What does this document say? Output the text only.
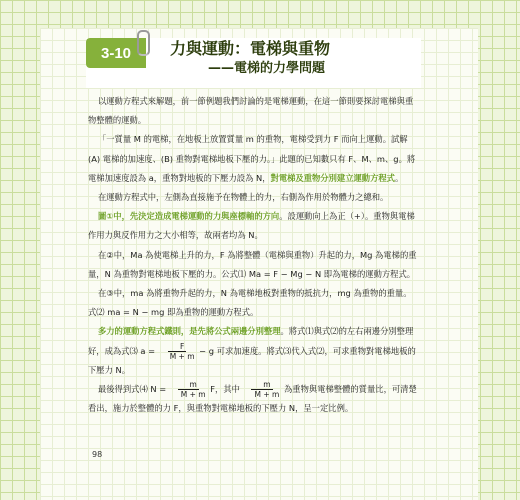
3-10	力與運動：電梯與重物
——電梯的力學問題

以運動方程式來解題，前一節例題我們討論的是電梯運動，在這一節則要探討電梯與重物整體的運動。

「一質量 M 的電梯，在地板上放置質量 m 的重物，電梯受到力 F 而向上運動。試解 (A) 電梯的加速度、(B) 重物對電梯地板下壓的力。」此題的已知數只有 F、M、m、g。將電梯加速度設為 a，重物對地板的下壓力設為 N，對電梯及重物分別建立運動方程式。

在運動方程式中，左側為直接施予在物體上的力，右側為作用於物體力之總和。

圖①中，先決定造成電梯運動的力與座標軸的方向。設運動向上為正（+）。重物與電梯作用力與反作用力之大小相等，故兩者均為 N。

在②中，Ma 為使電梯上升的力，F 為將整體（電梯與重物）升起的力，Mg 為電梯的重量，N 為重物對電梯地板下壓的力。公式⑴ Ma = F − Mg − N 即為電梯的運動方程式。

在③中，ma 為將重物升起的力，N 為電梯地板對重物的抵抗力，mg 為重物的重量。式⑵ ma = N − mg 即為重物的運動方程式。

多力的運動方程式鐵則，是先將公式兩邊分別整理。將式⑴與式⑵的左右兩邊分別整理好，成為式⑶ $a = \frac{F}{M + m} - g$ 可求加速度。將式⑶代入式⑵，可求重物對電梯地板的下壓力 N。

最後得到式⑷ $N = \frac{m}{M + m}$ F，其中 $\frac{m}{M + m}$ 為重物與電梯整體的質量比，可清楚看出，施力於整體的力 F，與重物對電梯地板的下壓力 N，呈一定比例。

98
